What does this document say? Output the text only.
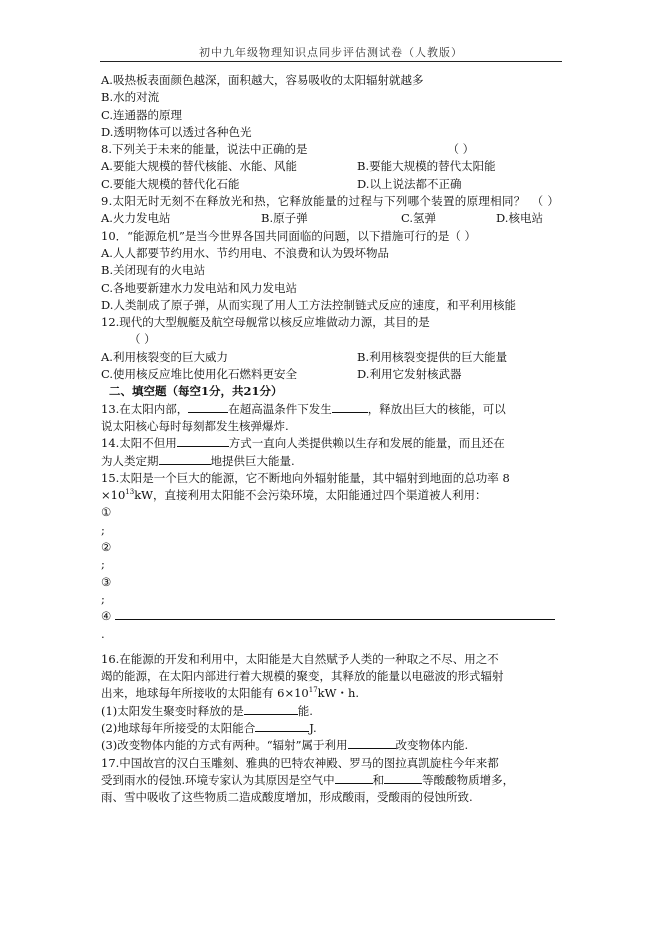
初中九年级物理知识点同步评估测试卷（人教版）
A.吸热板表面颜色越深，面积越大，容易吸收的太阳辐射就越多
B.水的对流
C.连通器的原理
D.透明物体可以透过各种色光
8.下列关于未来的能量，说法中正确的是	（ ）
A.要能大规模的替代核能、水能、风能	B.要能大规模的替代太阳能
C.要能大规模的替代化石能	D.以上说法都不正确
9.太阳无时无刻不在释放光和热，它释放能量的过程与下列哪个装置的原理相同？　（ ）
A.火力发电站	B.原子弹	C.氢弹	D.核电站
10．“能源危机”是当今世界各国共同面临的问题，以下措施可行的是（ ）
A.人人都要节约用水、节约用电、不浪费和认为毁坏物品
B.关闭现有的火电站
C.各地要新建水力发电站和风力发电站
D.人类制成了原子弹，从而实现了用人工方法控制链式反应的速度，和平利用核能
12.现代的大型舰艇及航空母舰常以核反应堆做动力源，其目的是
（ ）
A.利用核裂变的巨大威力	B.利用核裂变提供的巨大能量
C.使用核反应堆比使用化石燃料更安全	D.利用它发射核武器
二、填空题（每空1分，共21分）
13.在太阳内部，	在超高温条件下发生	，释放出巨大的核能，可以
说太阳核心每时每刻都发生核弹爆炸.
14.太阳不但用	方式一直向人类提供赖以生存和发展的能量，而且还在
为人类定期	地提供巨大能量.
15.太阳是一个巨大的能源，它不断地向外辐射能量，其中辐射到地面的总功率 8
$\times 10^{13}kW$，直接利用太阳能不会污染环境，太阳能通过四个渠道被人利用：
①
;
②
;
③
;
④
.
16.在能源的开发和利用中，太阳能是大自然赋予人类的一种取之不尽、用之不
竭的能源，在太阳内部进行着大规模的聚变，其释放的能量以电磁波的形式辐射
出来，地球每年所接收的太阳能有 $6\times 10^{17}kW$・h.
(1)太阳发生聚变时释放的是	能.
(2)地球每年所接受的太阳能合	J.
(3)改变物体内能的方式有两种。“辐射”属于利用	改变物体内能.
17.中国故宫的汉白玉雕刻、雅典的巴特农神殿、罗马的图拉真凯旋柱今年来都
受到雨水的侵蚀.环境专家认为其原因是空气中	和	等酸酸物质增多，
雨、雪中吸收了这些物质二造成酸度增加，形成酸雨，受酸雨的侵蚀所致.
